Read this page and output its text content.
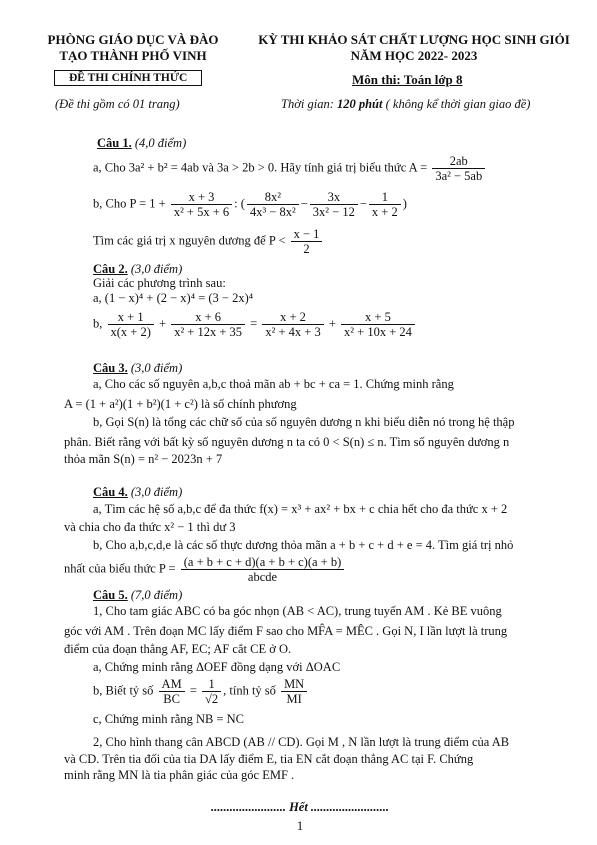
PHÒNG GIÁO DỤC VÀ ĐÀO
TẠO THÀNH PHỐ VINH
ĐỀ THI CHÍNH THỨC
(Đề thi gồm có 01 trang)
KỲ THI KHẢO SÁT CHẤT LƯỢNG HỌC SINH GIỎI
NĂM HỌC 2022- 2023
Môn thi: Toán lớp 8
Thời gian: 120 phút ( không kể thời gian giao đề)
Câu 1. (4,0 điểm)
a, Cho 3a² + b² = 4ab và 3a > 2b > 0. Hãy tính giá trị biểu thức $A = \frac{2ab}{\text{3a² − 5ab}}$
b, Cho $P = 1 + \frac{x + 3}{\text{x² + 5x + 6}}$ : ( $\frac{\text{8x²}}{\text{4x³ − 8x²}} - \frac{3x}{\text{3x² − 12}} - \frac{1}{x + 2}$ )
Tìm các giá trị x nguyên dương để $P < \frac{x - 1}{2}$
Câu 2. (3,0 điểm)
Giải các phương trình sau:
a, (1 − x)⁴ + (2 − x)⁴ = (3 − 2x)⁴
b, $\frac{x + 1}{x(x + 2)} + \frac{x + 6}{\text{x² + 12x + 35}} = \frac{x + 2}{\text{x² + 4x + 3}} + \frac{x + 5}{\text{x² + 10x + 24}}$
Câu 3. (3,0 điểm)
a, Cho các số nguyên a,b,c thoả mãn ab + bc + ca = 1. Chứng minh rằng
A = (1 + a²)(1 + b²)(1 + c²) là số chính phương
b, Gọi S(n) là tổng các chữ số của số nguyên dương n khi biểu diễn nó trong hệ thập
phân. Biết rằng với bất kỳ số nguyên dương n ta có 0 < S(n) ≤ n. Tìm số nguyên dương n
thỏa mãn S(n) = n² − 2023n + 7
Câu 4. (3,0 điểm)
a, Tìm các hệ số a,b,c để đa thức f(x) = x³ + ax² + bx + c chia hết cho đa thức x + 2
và chia cho đa thức x² − 1 thì dư 3
b, Cho a,b,c,d,e là các số thực dương thỏa mãn a + b + c + d + e = 4. Tìm giá trị nhỏ
nhất của biểu thức $P = \frac{(a + b + c + d)(a + b + c)(a + b)}{\text{abcde}}$
Câu 5. (7,0 điểm)
1, Cho tam giác ABC có ba góc nhọn (AB < AC), trung tuyến AM . Kẻ BE vuông
góc với AM . Trên đoạn MC lấy điểm F sao cho MF̂A = MÊC . Gọi N, I lần lượt là trung
điểm của đoạn thẳng AF, EC; AF cắt CE ở O.
a, Chứng minh rằng ΔOEF đồng dạng với ΔOAC
b, Biết tỷ số $\frac{AM}{BC} = \frac{1}{√2}$ , tính tỷ số $\frac{MN}{MI}$
c, Chứng minh rằng NB = NC
2, Cho hình thang cân ABCD (AB // CD). Gọi M , N lần lượt là trung điểm của AB
và CD. Trên tia đối của tia DA lấy điểm E, tia EN cắt đoạn thẳng AC tại F. Chứng
minh rằng MN là tia phân giác của góc EMF .
........................ Hết .........................
1
